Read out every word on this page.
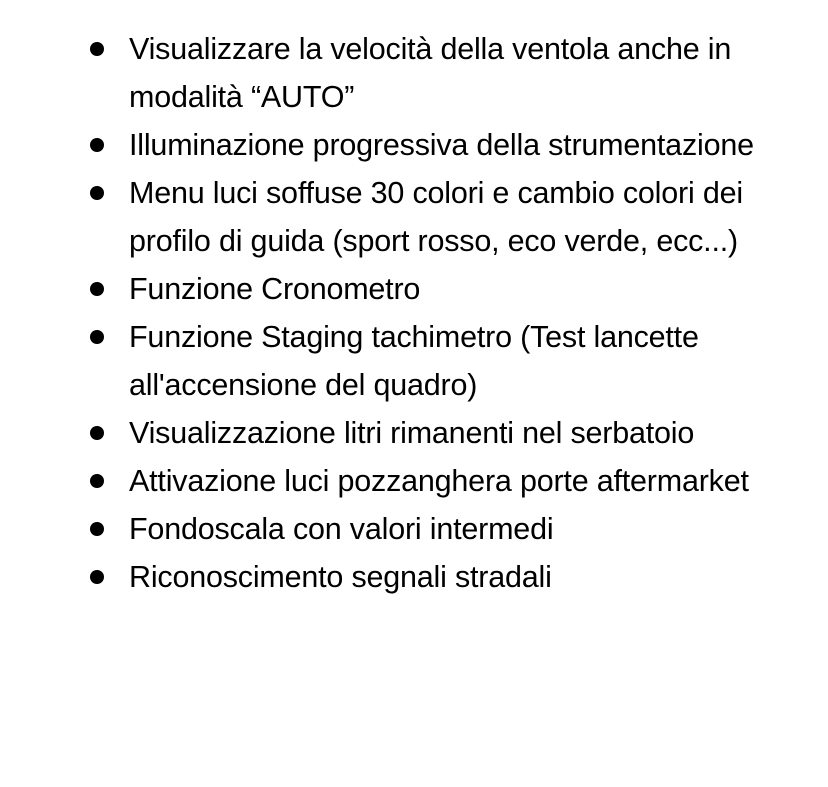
Visualizzare la velocità della ventola anche in modalità “AUTO”
Illuminazione progressiva della strumentazione
Menu luci soffuse 30 colori e cambio colori dei profilo di guida (sport rosso, eco verde, ecc...)
Funzione Cronometro
Funzione Staging tachimetro (Test lancette all'accensione del quadro)
Visualizzazione litri rimanenti nel serbatoio
Attivazione luci pozzanghera porte aftermarket
Fondoscala con valori intermedi
Riconoscimento segnali stradali
